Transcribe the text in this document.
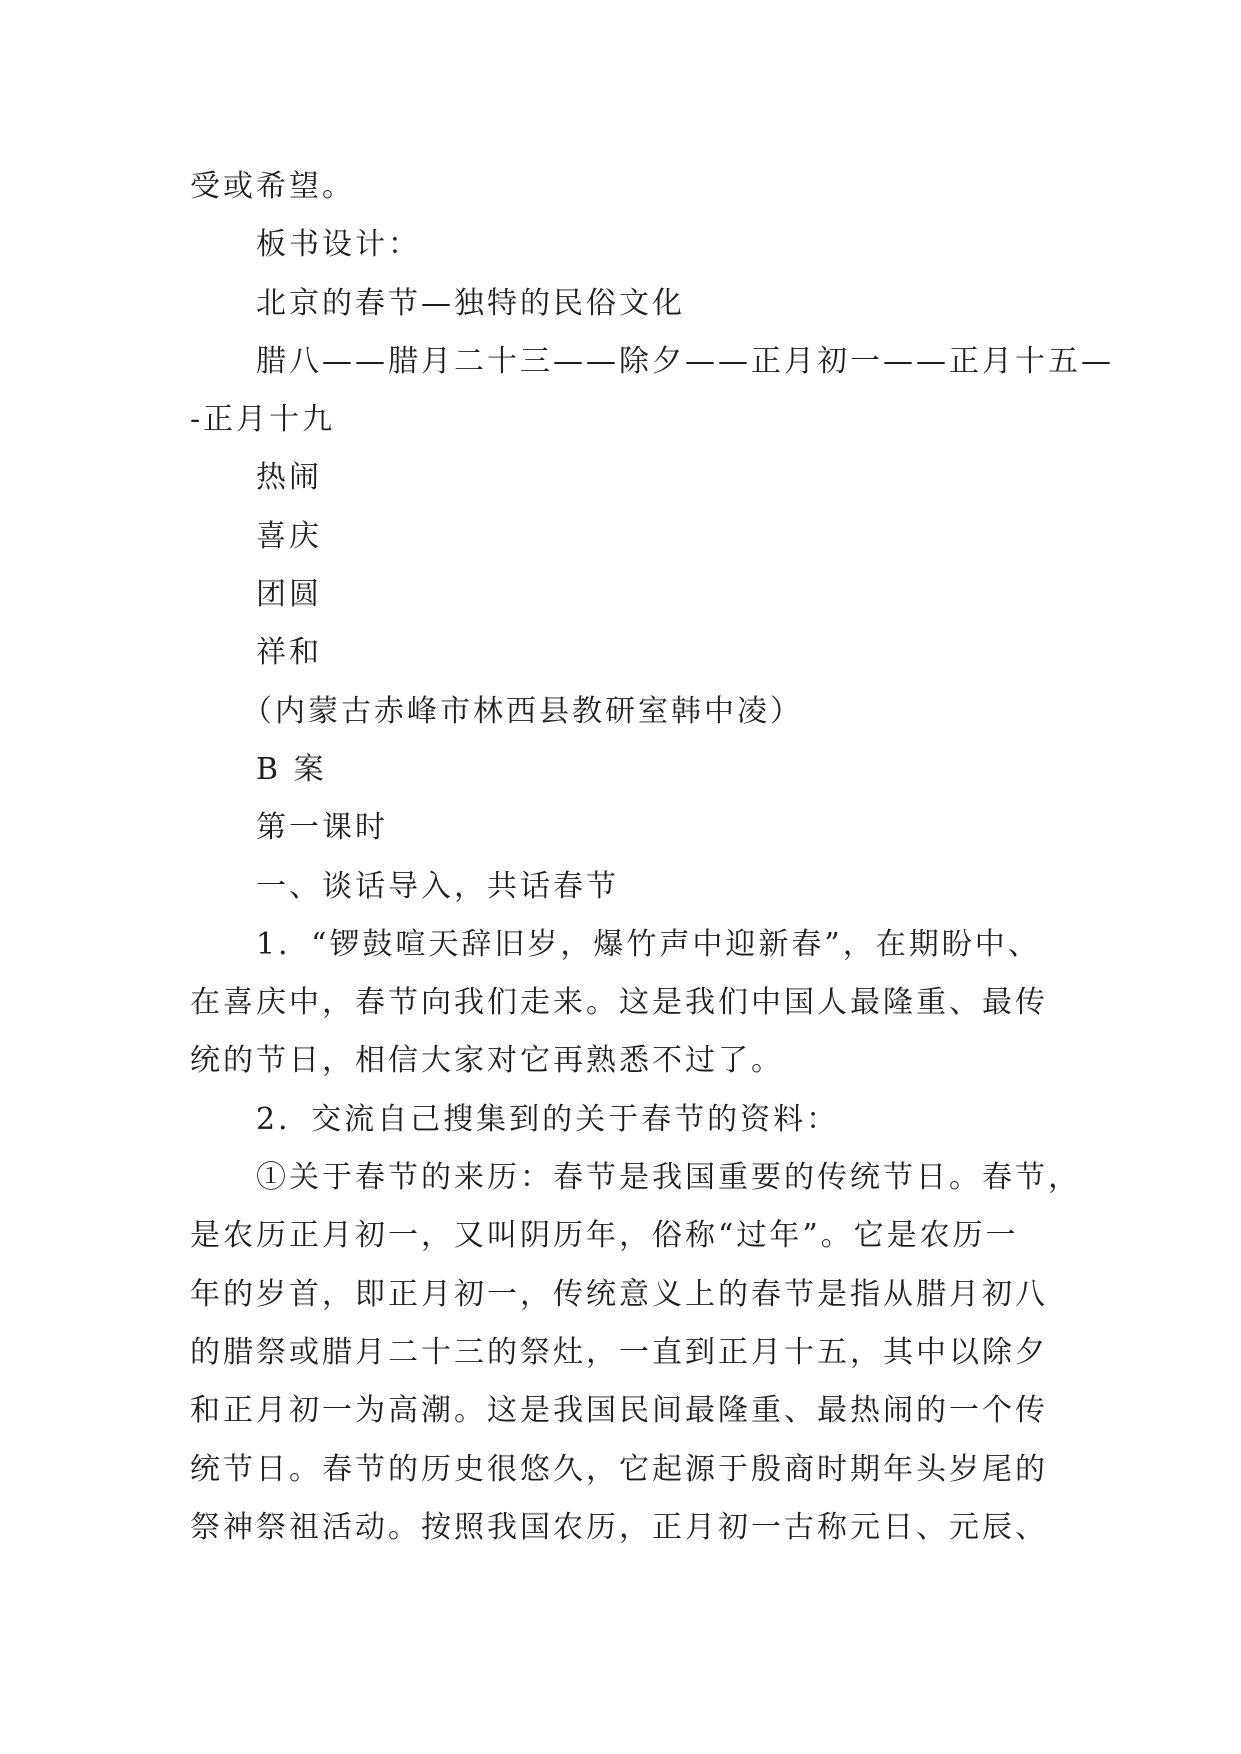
受或希望。
板书设计：
北京的春节—独特的民俗文化
腊八——腊月二十三——除夕——正月初一——正月十五—
-正月十九
热闹
喜庆
团圆
祥和
（内蒙古赤峰市林西县教研室韩中凌）
B 案
第一课时
一、谈话导入，共话春节
1．“锣鼓喧天辞旧岁，爆竹声中迎新春”，在期盼中、
在喜庆中，春节向我们走来。这是我们中国人最隆重、最传
统的节日，相信大家对它再熟悉不过了。
2．交流自己搜集到的关于春节的资料：
①关于春节的来历：春节是我国重要的传统节日。春节，
是农历正月初一，又叫阴历年，俗称“过年”。它是农历一
年的岁首，即正月初一，传统意义上的春节是指从腊月初八
的腊祭或腊月二十三的祭灶，一直到正月十五，其中以除夕
和正月初一为高潮。这是我国民间最隆重、最热闹的一个传
统节日。春节的历史很悠久，它起源于殷商时期年头岁尾的
祭神祭祖活动。按照我国农历，正月初一古称元日、元辰、
